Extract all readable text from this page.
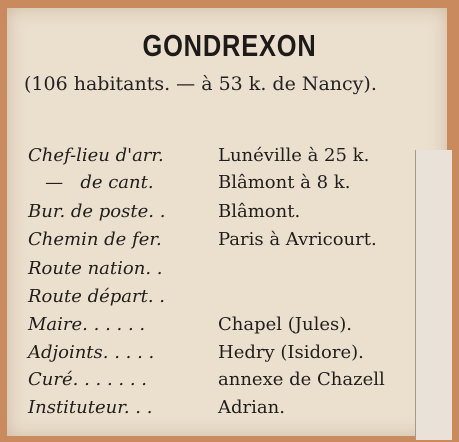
GONDREXON
(106 habitants. — à 53 k. de Nancy).
Chef-lieu d'arr.	Lunéville à 25 k.
—   de cant.	Blâmont à 8 k.
Bur. de poste. .	Blâmont.
Chemin de fer.	Paris à Avricourt.
Route nation. .
Route départ. .
Maire. . . . . .	Chapel (Jules).
Adjoints. . . . .	Hedry (Isidore).
Curé. . . . . . .	annexe de Chazell
Instituteur. . .	Adrian.
